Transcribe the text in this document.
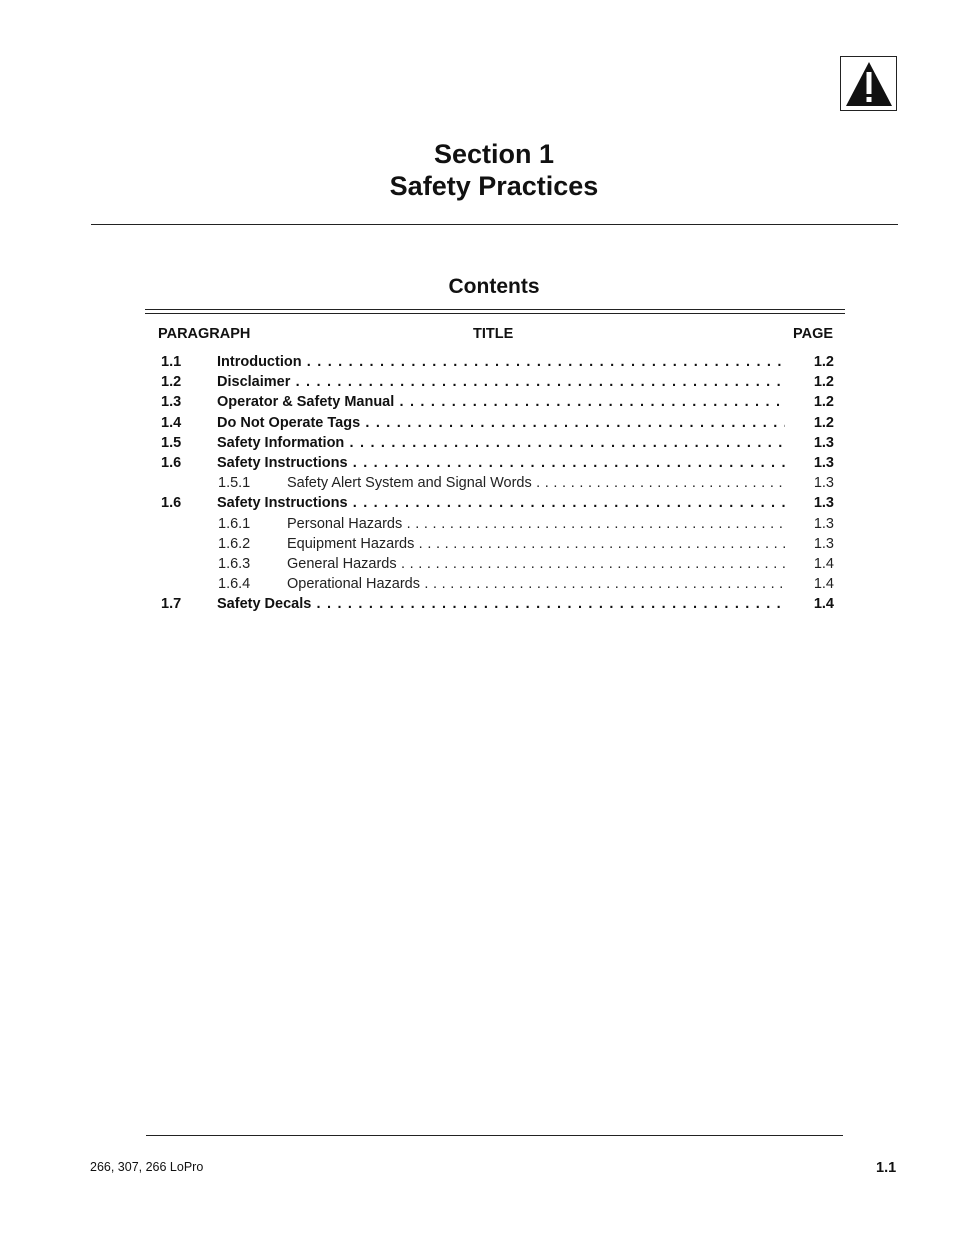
Section 1
Safety Practices
Contents
PARAGRAPH	TITLE	PAGE
1.1 Introduction . . .	1.2
1.2 Disclaimer . . .	1.2
1.3 Operator & Safety Manual . . .	1.2
1.4 Do Not Operate Tags . . .	1.2
1.5 Safety Information . . .	1.3
1.6 Safety Instructions . . .	1.3
1.5.1	Safety Alert System and Signal Words . . .	1.3
1.6 Safety Instructions . . .	1.3
1.6.1	Personal Hazards . . .	1.3
1.6.2	Equipment Hazards . . .	1.3
1.6.3	General Hazards . . .	1.4
1.6.4	Operational Hazards . . .	1.4
1.7 Safety Decals . . .	1.4
266, 307, 266 LoPro	1.1
